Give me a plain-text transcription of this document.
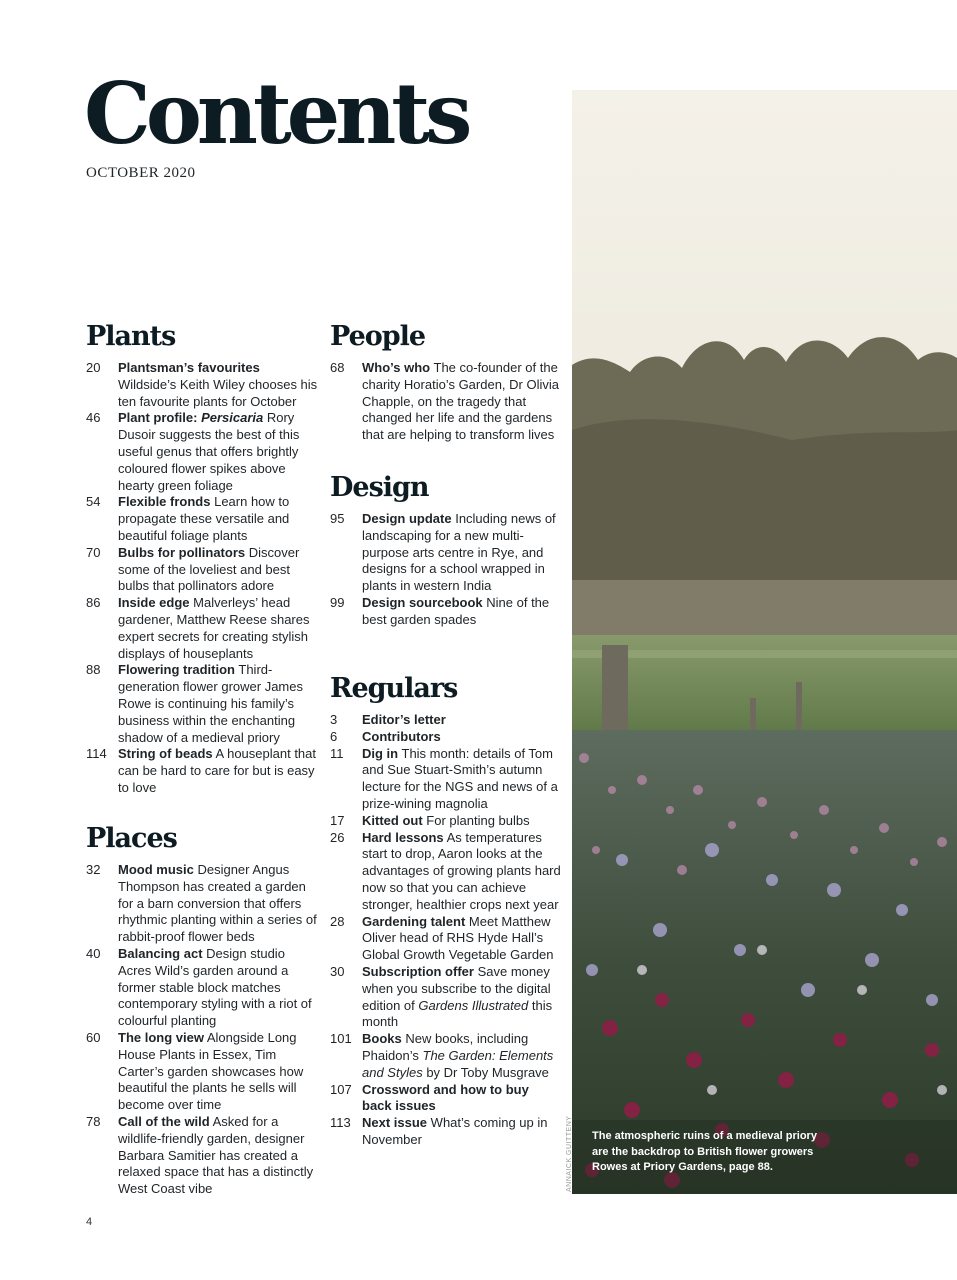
Contents
OCTOBER 2020
Plants
20	Plantsman’s favourites Wildside’s Keith Wiley chooses his ten favourite plants for October
46	Plant profile: Persicaria Rory Dusoir suggests the best of this useful genus that offers brightly coloured flower spikes above hearty green foliage
54	Flexible fronds Learn how to propagate these versatile and beautiful foliage plants
70	Bulbs for pollinators Discover some of the loveliest and best bulbs that pollinators adore
86	Inside edge Malverleys’ head gardener, Matthew Reese shares expert secrets for creating stylish displays of houseplants
88	Flowering tradition Third-generation flower grower James Rowe is continuing his family’s business within the enchanting shadow of a medieval priory
114 String of beads A houseplant that can be hard to care for but is easy to love
Places
32	Mood music Designer Angus Thompson has created a garden for a barn conversion that offers rhythmic planting within a series of rabbit-proof flower beds
40	Balancing act Design studio Acres Wild’s garden around a former stable block matches contemporary styling with a riot of colourful planting
60	The long view Alongside Long House Plants in Essex, Tim Carter’s garden showcases how beautiful the plants he sells will become over time
78	Call of the wild Asked for a wildlife-friendly garden, designer Barbara Samitier has created a relaxed space that has a distinctly West Coast vibe
People
68	Who’s who The co-founder of the charity Horatio’s Garden, Dr Olivia Chapple, on the tragedy that changed her life and the gardens that are helping to transform lives
Design
95	Design update Including news of landscaping for a new multi-purpose arts centre in Rye, and designs for a school wrapped in plants in western India
99	Design sourcebook Nine of the best garden spades
Regulars
3	Editor’s letter
6	Contributors
11	Dig in This month: details of Tom and Sue Stuart-Smith’s autumn lecture for the NGS and news of a prize-wining magnolia
17	Kitted out For planting bulbs
26	Hard lessons As temperatures start to drop, Aaron looks at the advantages of growing plants hard now so that you can achieve stronger, healthier crops next year
28	Gardening talent Meet Matthew Oliver head of RHS Hyde Hall’s Global Growth Vegetable Garden
30	Subscription offer Save money when you subscribe to the digital edition of Gardens Illustrated this month
101 Books New books, including Phaidon’s The Garden: Elements and Styles by Dr Toby Musgrave
107 Crossword and how to buy back issues
113 Next issue What’s coming up in November	The atmospheric ruins of a medieval priory are the backdrop to British flower growers Rowes at Priory Gardens, page 88.
ANNAICK GUITTENY
4
